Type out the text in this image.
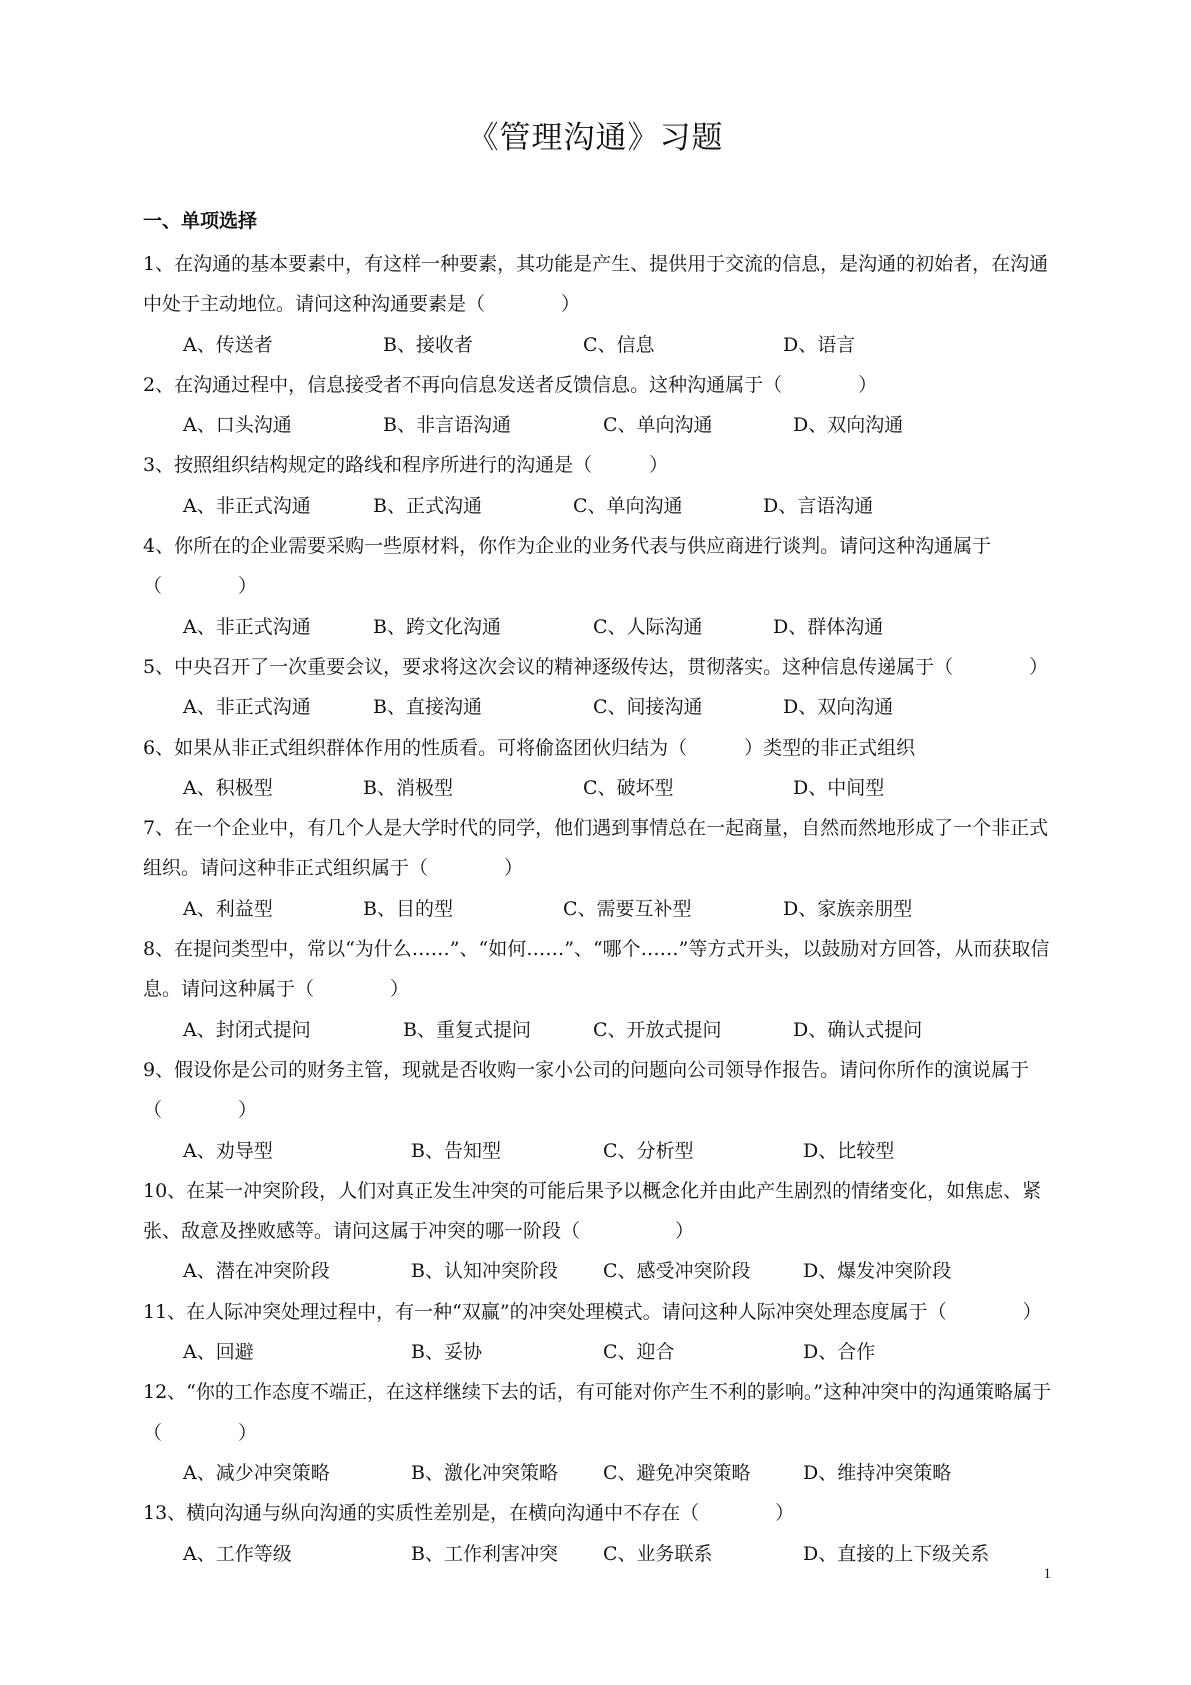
《管理沟通》习题
一、单项选择

1、在沟通的基本要素中，有这样一种要素，其功能是产生、提供用于交流的信息，是沟通的初始者，在沟通中处于主动地位。请问这种沟通要素是（　　　　）

A、传送者	B、接收者	C、信息	D、语言

2、在沟通过程中，信息接受者不再向信息发送者反馈信息。这种沟通属于（　　　　）

A、口头沟通	B、非言语沟通	C、单向沟通	D、双向沟通

3、按照组织结构规定的路线和程序所进行的沟通是（　　　）

A、非正式沟通	B、正式沟通	C、单向沟通	D、言语沟通

4、你所在的企业需要采购一些原材料，你作为企业的业务代表与供应商进行谈判。请问这种沟通属于（　　　　）

A、非正式沟通	B、跨文化沟通	C、人际沟通	D、群体沟通

5、中央召开了一次重要会议，要求将这次会议的精神逐级传达，贯彻落实。这种信息传递属于（　　　　）

A、非正式沟通	B、直接沟通	C、间接沟通	D、双向沟通

6、如果从非正式组织群体作用的性质看。可将偷盗团伙归结为（　　　）类型的非正式组织

A、积极型	B、消极型	C、破坏型	D、中间型

7、在一个企业中，有几个人是大学时代的同学，他们遇到事情总在一起商量，自然而然地形成了一个非正式组织。请问这种非正式组织属于（　　　　）

A、利益型	B、目的型	C、需要互补型	D、家族亲朋型

8、在提问类型中，常以“为什么……”、“如何……”、“哪个……”等方式开头，以鼓励对方回答，从而获取信息。请问这种属于（　　　　）

A、封闭式提问	B、重复式提问	C、开放式提问	D、确认式提问

9、假设你是公司的财务主管，现就是否收购一家小公司的问题向公司领导作报告。请问你所作的演说属于（　　　　）

A、劝导型	B、告知型	C、分析型	D、比较型

10、在某一冲突阶段，人们对真正发生冲突的可能后果予以概念化并由此产生剧烈的情绪变化，如焦虑、紧张、敌意及挫败感等。请问这属于冲突的哪一阶段（　　　　　）

A、潜在冲突阶段	B、认知冲突阶段 C、感受冲突阶段	D、爆发冲突阶段

11、在人际冲突处理过程中，有一种“双赢”的冲突处理模式。请问这种人际冲突处理态度属于（　　　　）

A、回避	B、妥协	C、迎合	D、合作

12、“你的工作态度不端正，在这样继续下去的话，有可能对你产生不利的影响。”这种冲突中的沟通策略属于（　　　　）

A、减少冲突策略	B、激化冲突策略 C、避免冲突策略	D、维持冲突策略

13、横向沟通与纵向沟通的实质性差别是，在横向沟通中不存在（　　　　）

A、工作等级	B、工作利害冲突 C、业务联系	D、直接的上下级关系
1
